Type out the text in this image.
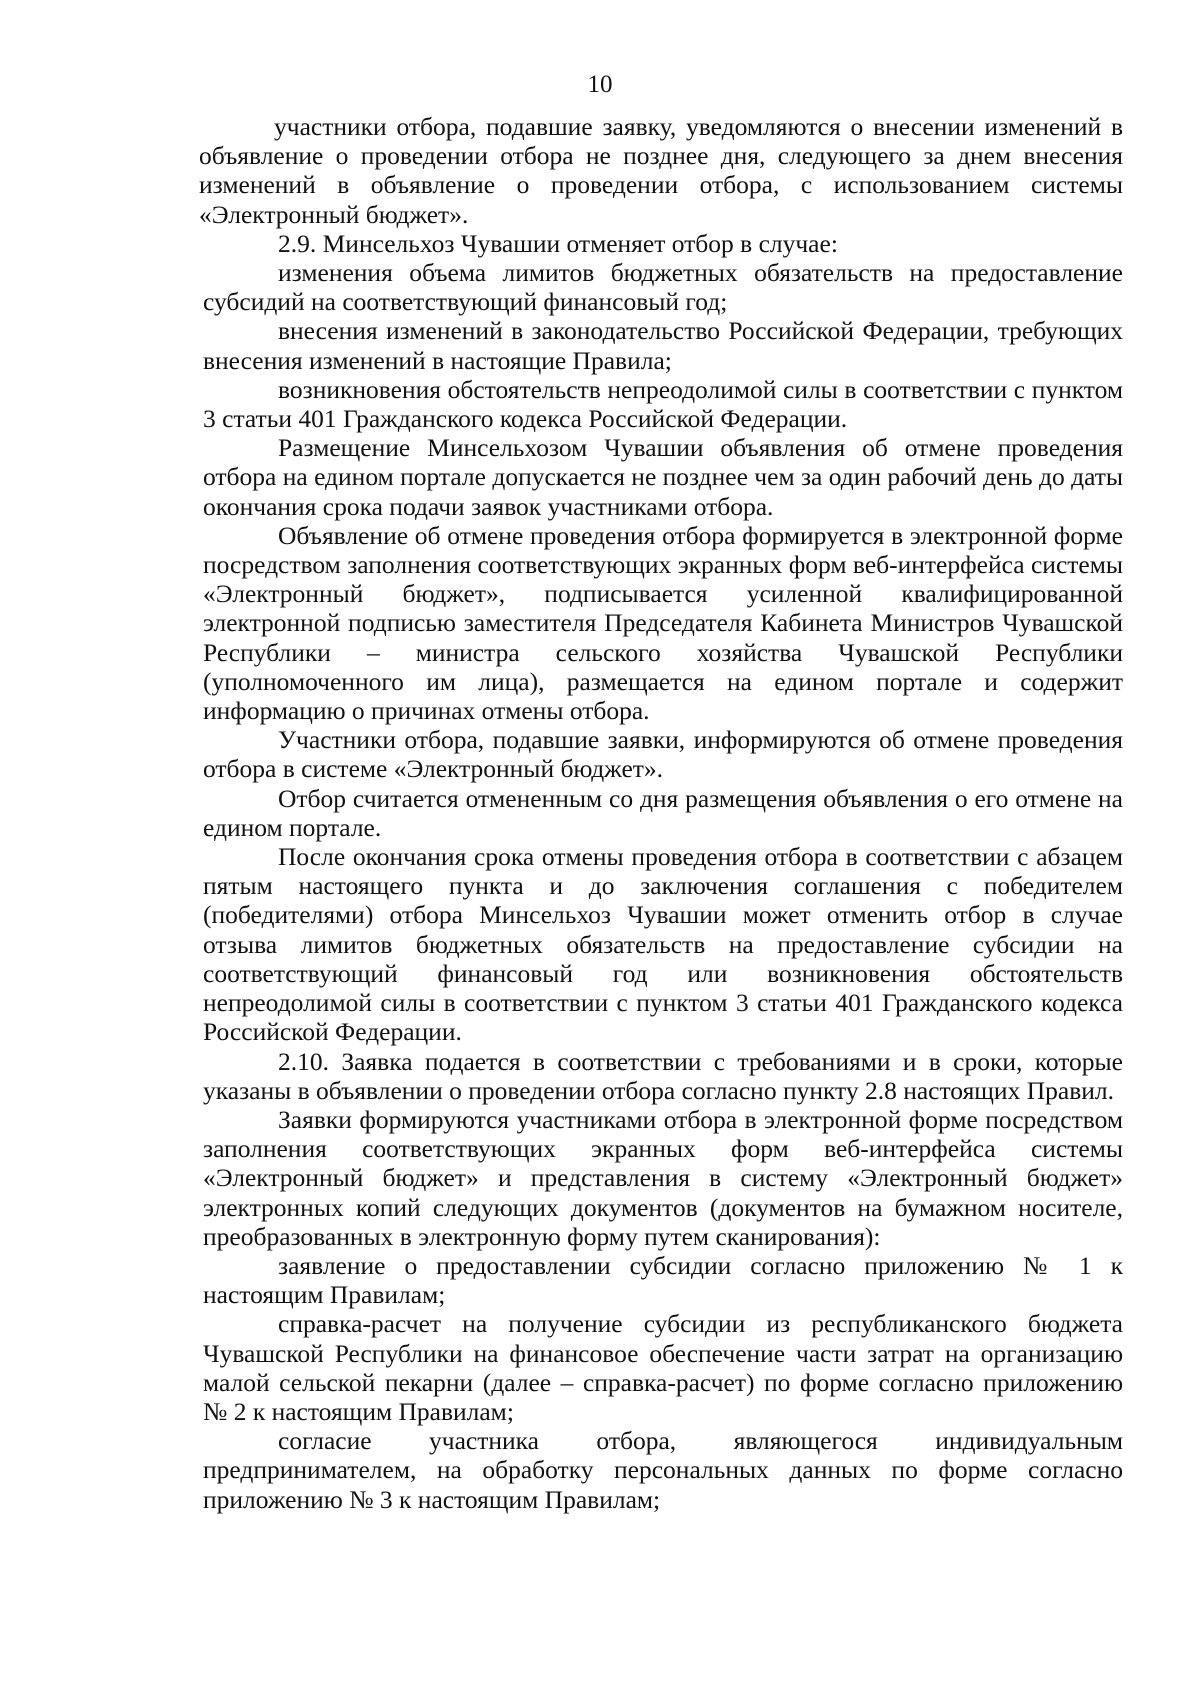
10

участники отбора, подавшие заявку, уведомляются о внесении изменений в объявление о проведении отбора не позднее дня, следующего за днем внесения изменений в объявление о проведении отбора, с использованием системы «Электронный бюджет».

2.9. Минсельхоз Чувашии отменяет отбор в случае:

изменения объема лимитов бюджетных обязательств на предоставление субсидий на соответствующий финансовый год;

внесения изменений в законодательство Российской Федерации, требующих внесения изменений в настоящие Правила;

возникновения обстоятельств непреодолимой силы в соответствии с пунктом 3 статьи 401 Гражданского кодекса Российской Федерации.

Размещение Минсельхозом Чувашии объявления об отмене проведения отбора на едином портале допускается не позднее чем за один рабочий день до даты окончания срока подачи заявок участниками отбора.

Объявление об отмене проведения отбора формируется в электронной форме посредством заполнения соответствующих экранных форм веб-интерфейса системы «Электронный бюджет», подписывается усиленной квалифицированной электронной подписью заместителя Председателя Кабинета Министров Чувашской Республики – министра сельского хозяйства Чувашской Республики (уполномоченного им лица), размещается на едином портале и содержит информацию о причинах отмены отбора.

Участники отбора, подавшие заявки, информируются об отмене проведения отбора в системе «Электронный бюджет».

Отбор считается отмененным со дня размещения объявления о его отмене на едином портале.

После окончания срока отмены проведения отбора в соответствии с абзацем пятым настоящего пункта и до заключения соглашения с победителем (победителями) отбора Минсельхоз Чувашии может отменить отбор в случае отзыва лимитов бюджетных обязательств на предоставление субсидии на соответствующий финансовый год или возникновения обстоятельств непреодолимой силы в соответствии с пунктом 3 статьи 401 Гражданского кодекса Российской Федерации.

2.10. Заявка подается в соответствии с требованиями и в сроки, которые указаны в объявлении о проведении отбора согласно пункту 2.8 настоящих Правил.

Заявки формируются участниками отбора в электронной форме посредством заполнения соответствующих экранных форм веб-интерфейса системы «Электронный бюджет» и представления в систему «Электронный бюджет» электронных копий следующих документов (документов на бумажном носителе, преобразованных в электронную форму путем сканирования):

заявление о предоставлении субсидии согласно приложению № 1 к настоящим Правилам;

справка-расчет на получение субсидии из республиканского бюджета Чувашской Республики на финансовое обеспечение части затрат на организацию малой сельской пекарни (далее – справка-расчет) по форме согласно приложению № 2 к настоящим Правилам;

согласие участника отбора, являющегося индивидуальным предпринимателем, на обработку персональных данных по форме согласно приложению № 3 к настоящим Правилам;
